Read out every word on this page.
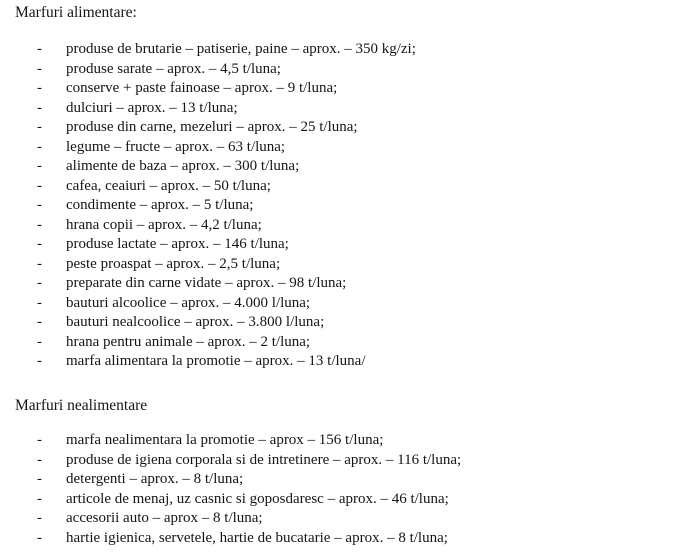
Marfuri alimentare:
- produse de brutarie – patiserie, paine – aprox. – 350 kg/zi;
- produse sarate – aprox. – 4,5 t/luna;
- conserve + paste fainoase – aprox. – 9 t/luna;
- dulciuri – aprox. – 13 t/luna;
- produse din carne, mezeluri – aprox. – 25 t/luna;
- legume – fructe – aprox. – 63 t/luna;
- alimente de baza – aprox. – 300 t/luna;
- cafea, ceaiuri – aprox. – 50 t/luna;
- condimente – aprox. – 5 t/luna;
- hrana copii – aprox. – 4,2 t/luna;
- produse lactate – aprox. – 146 t/luna;
- peste proaspat – aprox. – 2,5 t/luna;
- preparate din carne vidate – aprox. – 98 t/luna;
- bauturi alcoolice – aprox. – 4.000 l/luna;
- bauturi nealcoolice – aprox. – 3.800 l/luna;
- hrana pentru animale – aprox. – 2 t/luna;
- marfa alimentara la promotie – aprox. – 13 t/luna/
Marfuri nealimentare
- marfa nealimentara la promotie – aprox – 156 t/luna;
- produse de igiena corporala si de intretinere – aprox. – 116 t/luna;
- detergenti – aprox. – 8 t/luna;
- articole de menaj, uz casnic si goposdaresc – aprox. – 46 t/luna;
- accesorii auto – aprox – 8 t/luna;
- hartie igienica, servetele, hartie de bucatarie – aprox. – 8 t/luna;
